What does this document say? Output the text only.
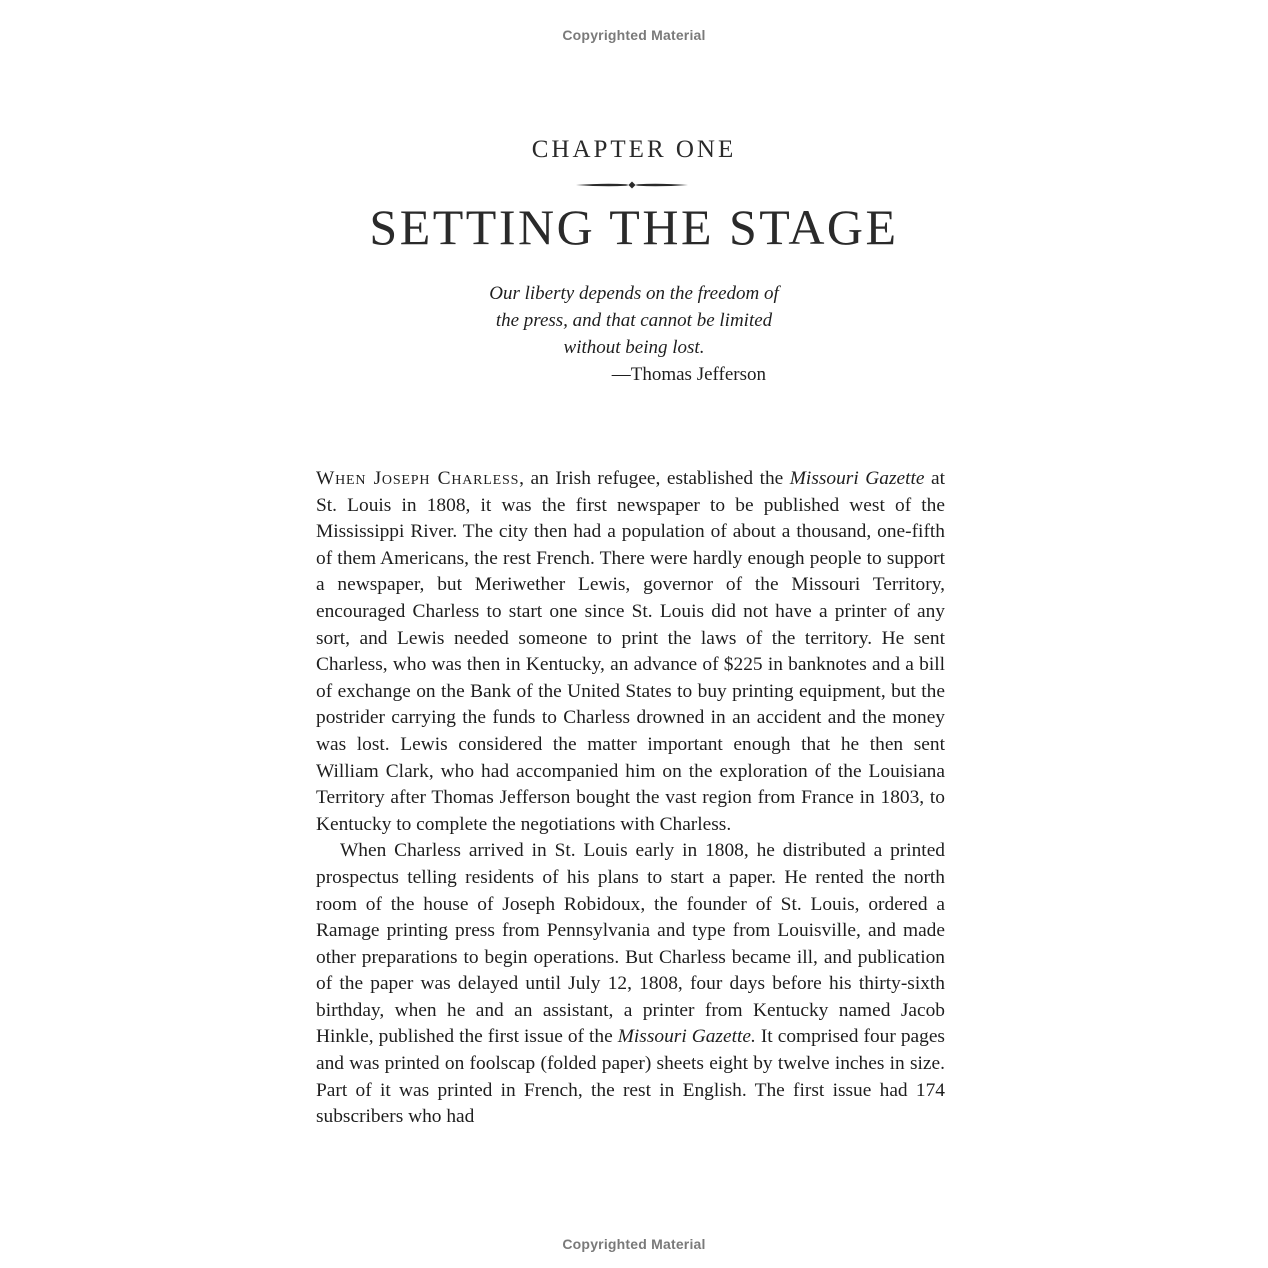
Copyrighted Material
CHAPTER ONE
SETTING THE STAGE
Our liberty depends on the freedom of
the press, and that cannot be limited
without being lost.
—Thomas Jefferson

When Joseph Charless, an Irish refugee, established the Missouri Gazette at St. Louis in 1808, it was the first newspaper to be published west of the Mississippi River. The city then had a population of about a thousand, one-fifth of them Americans, the rest French. There were hardly enough people to support a newspaper, but Meriwether Lewis, governor of the Missouri Territory, encouraged Charless to start one since St. Louis did not have a printer of any sort, and Lewis needed someone to print the laws of the territory. He sent Charless, who was then in Kentucky, an advance of $225 in banknotes and a bill of exchange on the Bank of the United States to buy printing equipment, but the postrider carrying the funds to Charless drowned in an accident and the money was lost. Lewis considered the matter important enough that he then sent William Clark, who had accompanied him on the exploration of the Louisiana Territory after Thomas Jefferson bought the vast region from France in 1803, to Kentucky to complete the negotiations with Charless.

When Charless arrived in St. Louis early in 1808, he distributed a printed prospectus telling residents of his plans to start a paper. He rented the north room of the house of Joseph Robidoux, the founder of St. Louis, ordered a Ramage printing press from Pennsylvania and type from Louisville, and made other preparations to begin operations. But Charless became ill, and publication of the paper was delayed until July 12, 1808, four days before his thirty-sixth birthday, when he and an assistant, a printer from Kentucky named Jacob Hinkle, published the first issue of the Missouri Gazette. It comprised four pages and was printed on foolscap (folded paper) sheets eight by twelve inches in size. Part of it was printed in French, the rest in English. The first issue had 174 subscribers who had

Copyrighted Material
